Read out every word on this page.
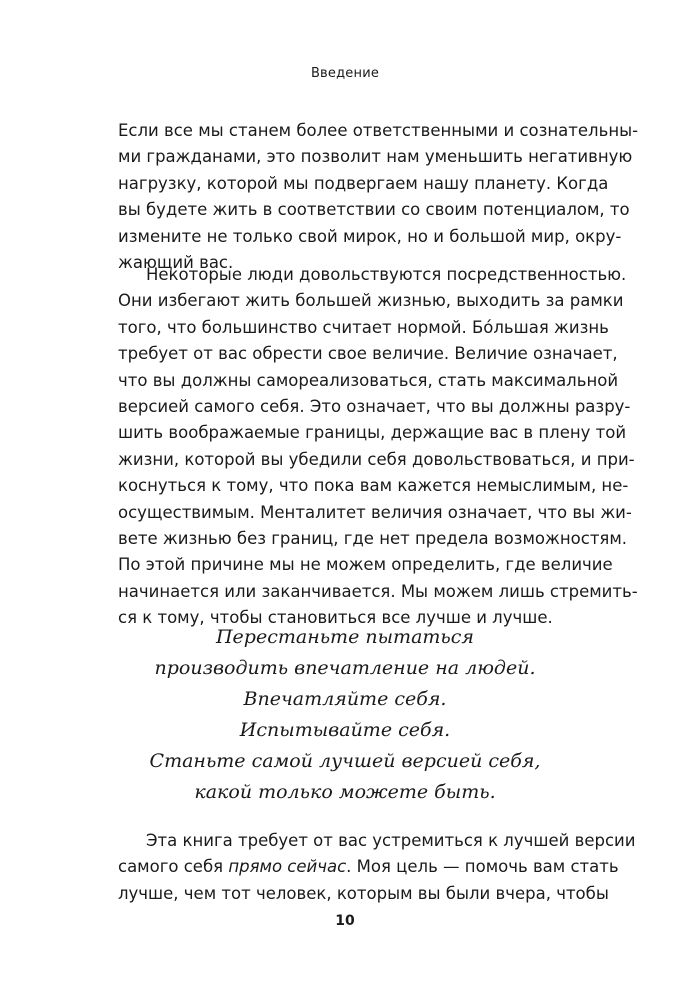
Введение
Если все мы станем более ответственными и сознательны-
ми гражданами, это позволит нам уменьшить негативную
нагрузку, которой мы подвергаем нашу планету. Когда
вы будете жить в соответствии со своим потенциалом, то
измените не только свой мирок, но и большой мир, окру-
жающий вас.
Некоторые люди довольствуются посредственностью.
Они избегают жить большей жизнью, выходить за рамки
того, что большинство считает нормой. Бóльшая жизнь
требует от вас обрести свое величие. Величие означает,
что вы должны самореализоваться, стать максимальной
версией самого себя. Это означает, что вы должны разру-
шить воображаемые границы, держащие вас в плену той
жизни, которой вы убедили себя довольствоваться, и при-
коснуться к тому, что пока вам кажется немыслимым, не-
осуществимым. Менталитет величия означает, что вы жи-
вете жизнью без границ, где нет предела возможностям.
По этой причине мы не можем определить, где величие
начинается или заканчивается. Мы можем лишь стремить-
ся к тому, чтобы становиться все лучше и лучше.
Перестаньте пытаться
производить впечатление на людей.
Впечатляйте себя.
Испытывайте себя.
Станьте самой лучшей версией себя,
какой только можете быть.
Эта книга требует от вас устремиться к лучшей версии
самого себя прямо сейчас. Моя цель — помочь вам стать
лучше, чем тот человек, которым вы были вчера, чтобы
10
